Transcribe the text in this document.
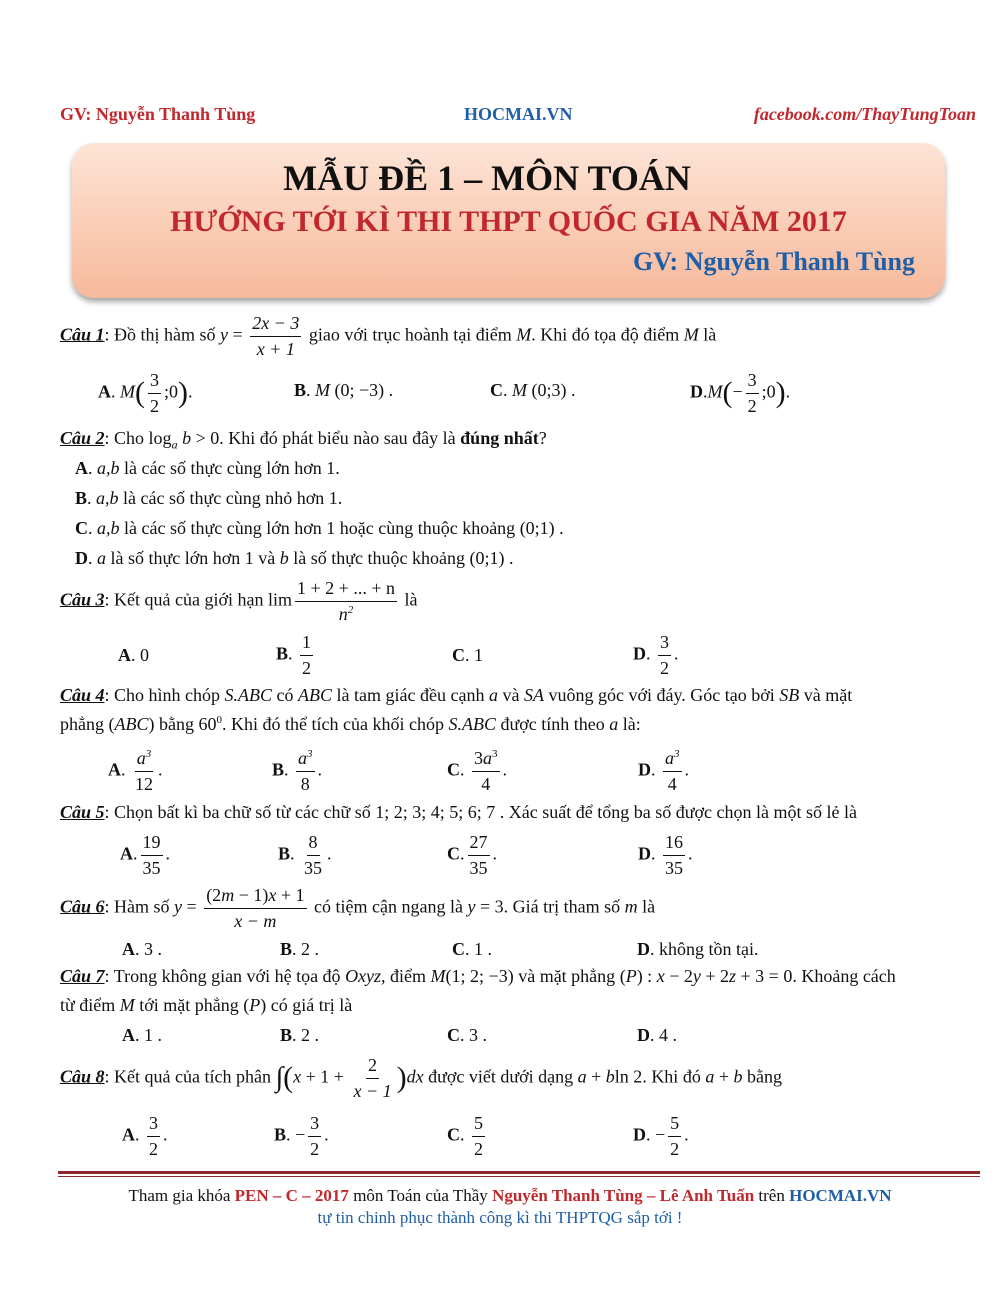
GV: Nguyễn Thanh Tùng	HOCMAI.VN	facebook.com/ThayTungToan
MẪU ĐỀ 1 – MÔN TOÁN
HƯỚNG TỚI KÌ THI THPT QUỐC GIA NĂM 2017
GV: Nguyễn Thanh Tùng
Câu 1: Đồ thị hàm số $y = \frac{2x - 3}{x + 1}$ giao với trục hoành tại điểm M. Khi đó tọa độ điểm M là
A. $M( \frac{3}{2}$ ;0).	B. M (0; −3) .	C. M (0;3) .	$D.M(- \frac{3}{2}$ ;0).
Câu 2: Cho $\log_a b > 0$. Khi đó phát biểu nào sau đây là đúng nhất?
A. a,b là các số thực cùng lớn hơn 1.
B. a,b là các số thực cùng nhỏ hơn 1.
C. a,b là các số thực cùng lớn hơn 1 hoặc cùng thuộc khoảng (0;1) .
D. a là số thực lớn hơn 1 và b là số thực thuộc khoảng (0;1) .
Câu 3: Kết quả của giới hạn $\lim \frac{1 + 2 + ... + n}{n^2}$ là
A. 0	B. $\frac{1}{2}$	C. 1	D. $\frac{3}{2}$ .
Câu 4: Cho hình chóp S.ABC có ABC là tam giác đều cạnh a và SA vuông góc với đáy. Góc tạo bởi SB và mặt
phẳng (ABC) bằng $60^0$. Khi đó thể tích của khối chóp S.ABC được tính theo a là:
A. $\frac{a^3}{12}$ .	B. $\frac{a^3}{8}$ .	C. $\frac{3a^3}{4}$ .	D. $\frac{a^3}{4}$ .
Câu 5: Chọn bất kì ba chữ số từ các chữ số 1; 2; 3; 4; 5; 6; 7 . Xác suất để tổng ba số được chọn là một số lẻ là
A. $\frac{19}{35}$ .	B. $\frac{8}{35}$ .	C. $\frac{27}{35}$ .	D. $\frac{16}{35}$ .
Câu 6: Hàm số $y = \frac{(2m - 1)x + 1}{x - m}$ có tiệm cận ngang là y = 3. Giá trị tham số m là
A. 3 .	B. 2 .	C. 1 .	D. không tồn tại.
Câu 7: Trong không gian với hệ tọa độ Oxyz, điểm M(1; 2; −3) và mặt phẳng (P) : x − 2y + 2z + 3 = 0. Khoảng cách
từ điểm M tới mặt phẳng (P) có giá trị là
A. 1 .	B. 2 .	C. 3 .	D. 4 .
Câu 8: Kết quả của tích phân $\int(x + 1 + \frac{2}{x - 1} )dx$ được viết dưới dạng a + bln 2. Khi đó a + b bằng
A. $\frac{3}{2}$ .	B. − $\frac{3}{2}$ .	C. $\frac{5}{2}$	D. − $\frac{5}{2}$ .
Tham gia khóa PEN – C – 2017 môn Toán của Thầy Nguyễn Thanh Tùng – Lê Anh Tuấn trên HOCMAI.VN
tự tin chinh phục thành công kì thi THPTQG sắp tới !
